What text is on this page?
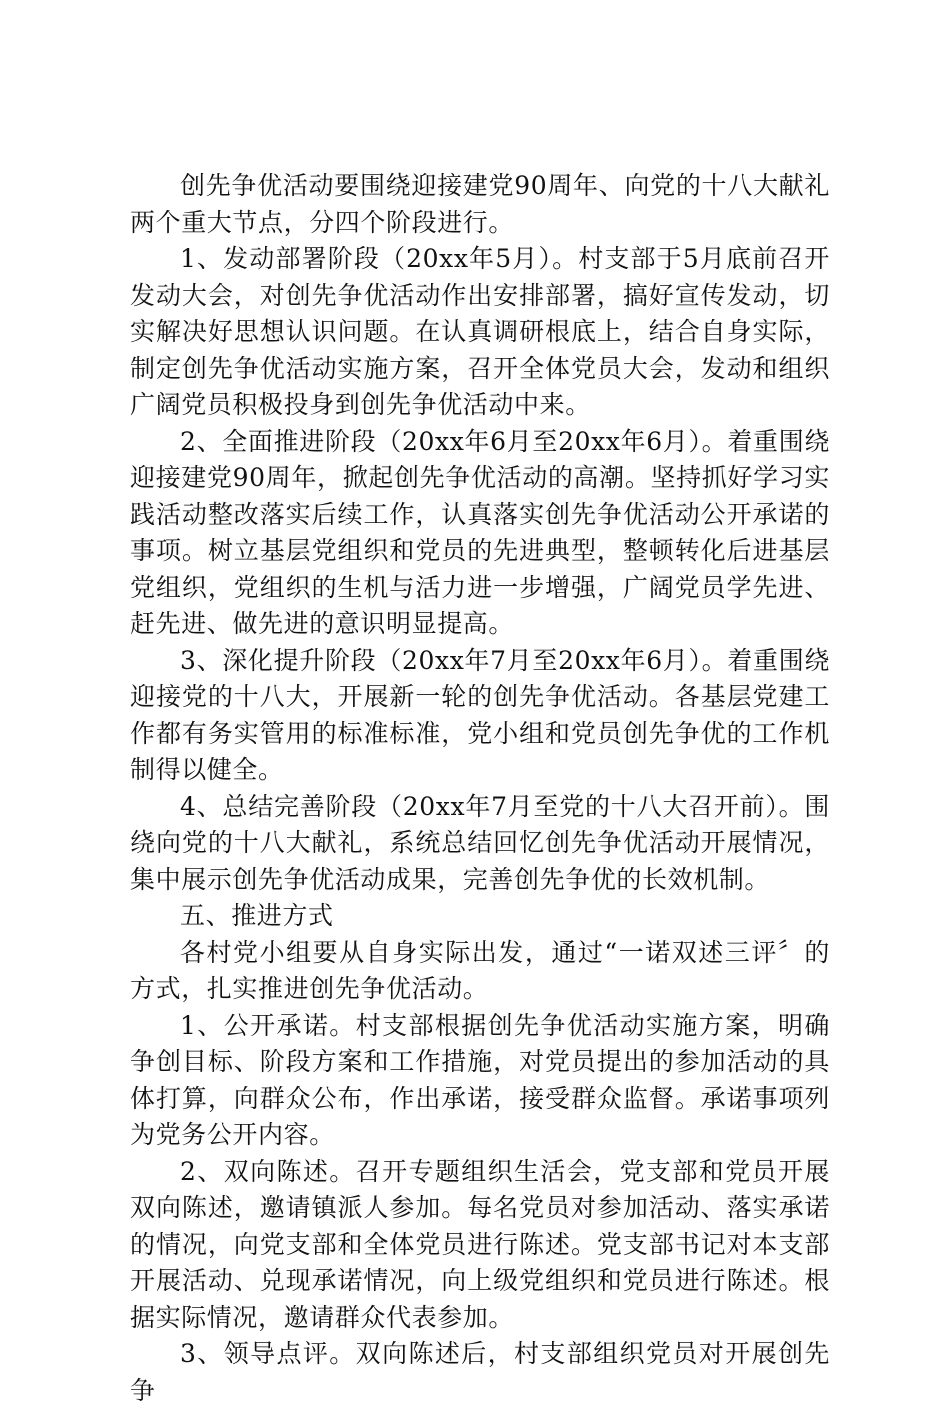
创先争优活动要围绕迎接建党90周年、向党的十八大献礼两个重大节点，分四个阶段进行。

1、发动部署阶段（20xx年5月）。村支部于5月底前召开发动大会，对创先争优活动作出安排部署，搞好宣传发动，切实解决好思想认识问题。在认真调研根底上，结合自身实际，制定创先争优活动实施方案，召开全体党员大会，发动和组织广阔党员积极投身到创先争优活动中来。

2、全面推进阶段（20xx年6月至20xx年6月）。着重围绕迎接建党90周年，掀起创先争优活动的高潮。坚持抓好学习实践活动整改落实后续工作，认真落实创先争优活动公开承诺的事项。树立基层党组织和党员的先进典型，整顿转化后进基层党组织，党组织的生机与活力进一步增强，广阔党员学先进、赶先进、做先进的意识明显提高。

3、深化提升阶段（20xx年7月至20xx年6月）。着重围绕迎接党的十八大，开展新一轮的创先争优活动。各基层党建工作都有务实管用的标准标准，党小组和党员创先争优的工作机制得以健全。

4、总结完善阶段（20xx年7月至党的十八大召开前）。围绕向党的十八大献礼，系统总结回忆创先争优活动开展情况，集中展示创先争优活动成果，完善创先争优的长效机制。

五、推进方式

各村党小组要从自身实际出发，通过“一诺双述三评〞的方式，扎实推进创先争优活动。

1、公开承诺。村支部根据创先争优活动实施方案，明确争创目标、阶段方案和工作措施，对党员提出的参加活动的具体打算，向群众公布，作出承诺，接受群众监督。承诺事项列为党务公开内容。

2、双向陈述。召开专题组织生活会，党支部和党员开展双向陈述，邀请镇派人参加。每名党员对参加活动、落实承诺的情况，向党支部和全体党员进行陈述。党支部书记对本支部开展活动、兑现承诺情况，向上级党组织和党员进行陈述。根据实际情况，邀请群众代表参加。

3、领导点评。双向陈述后，村支部组织党员对开展创先争
